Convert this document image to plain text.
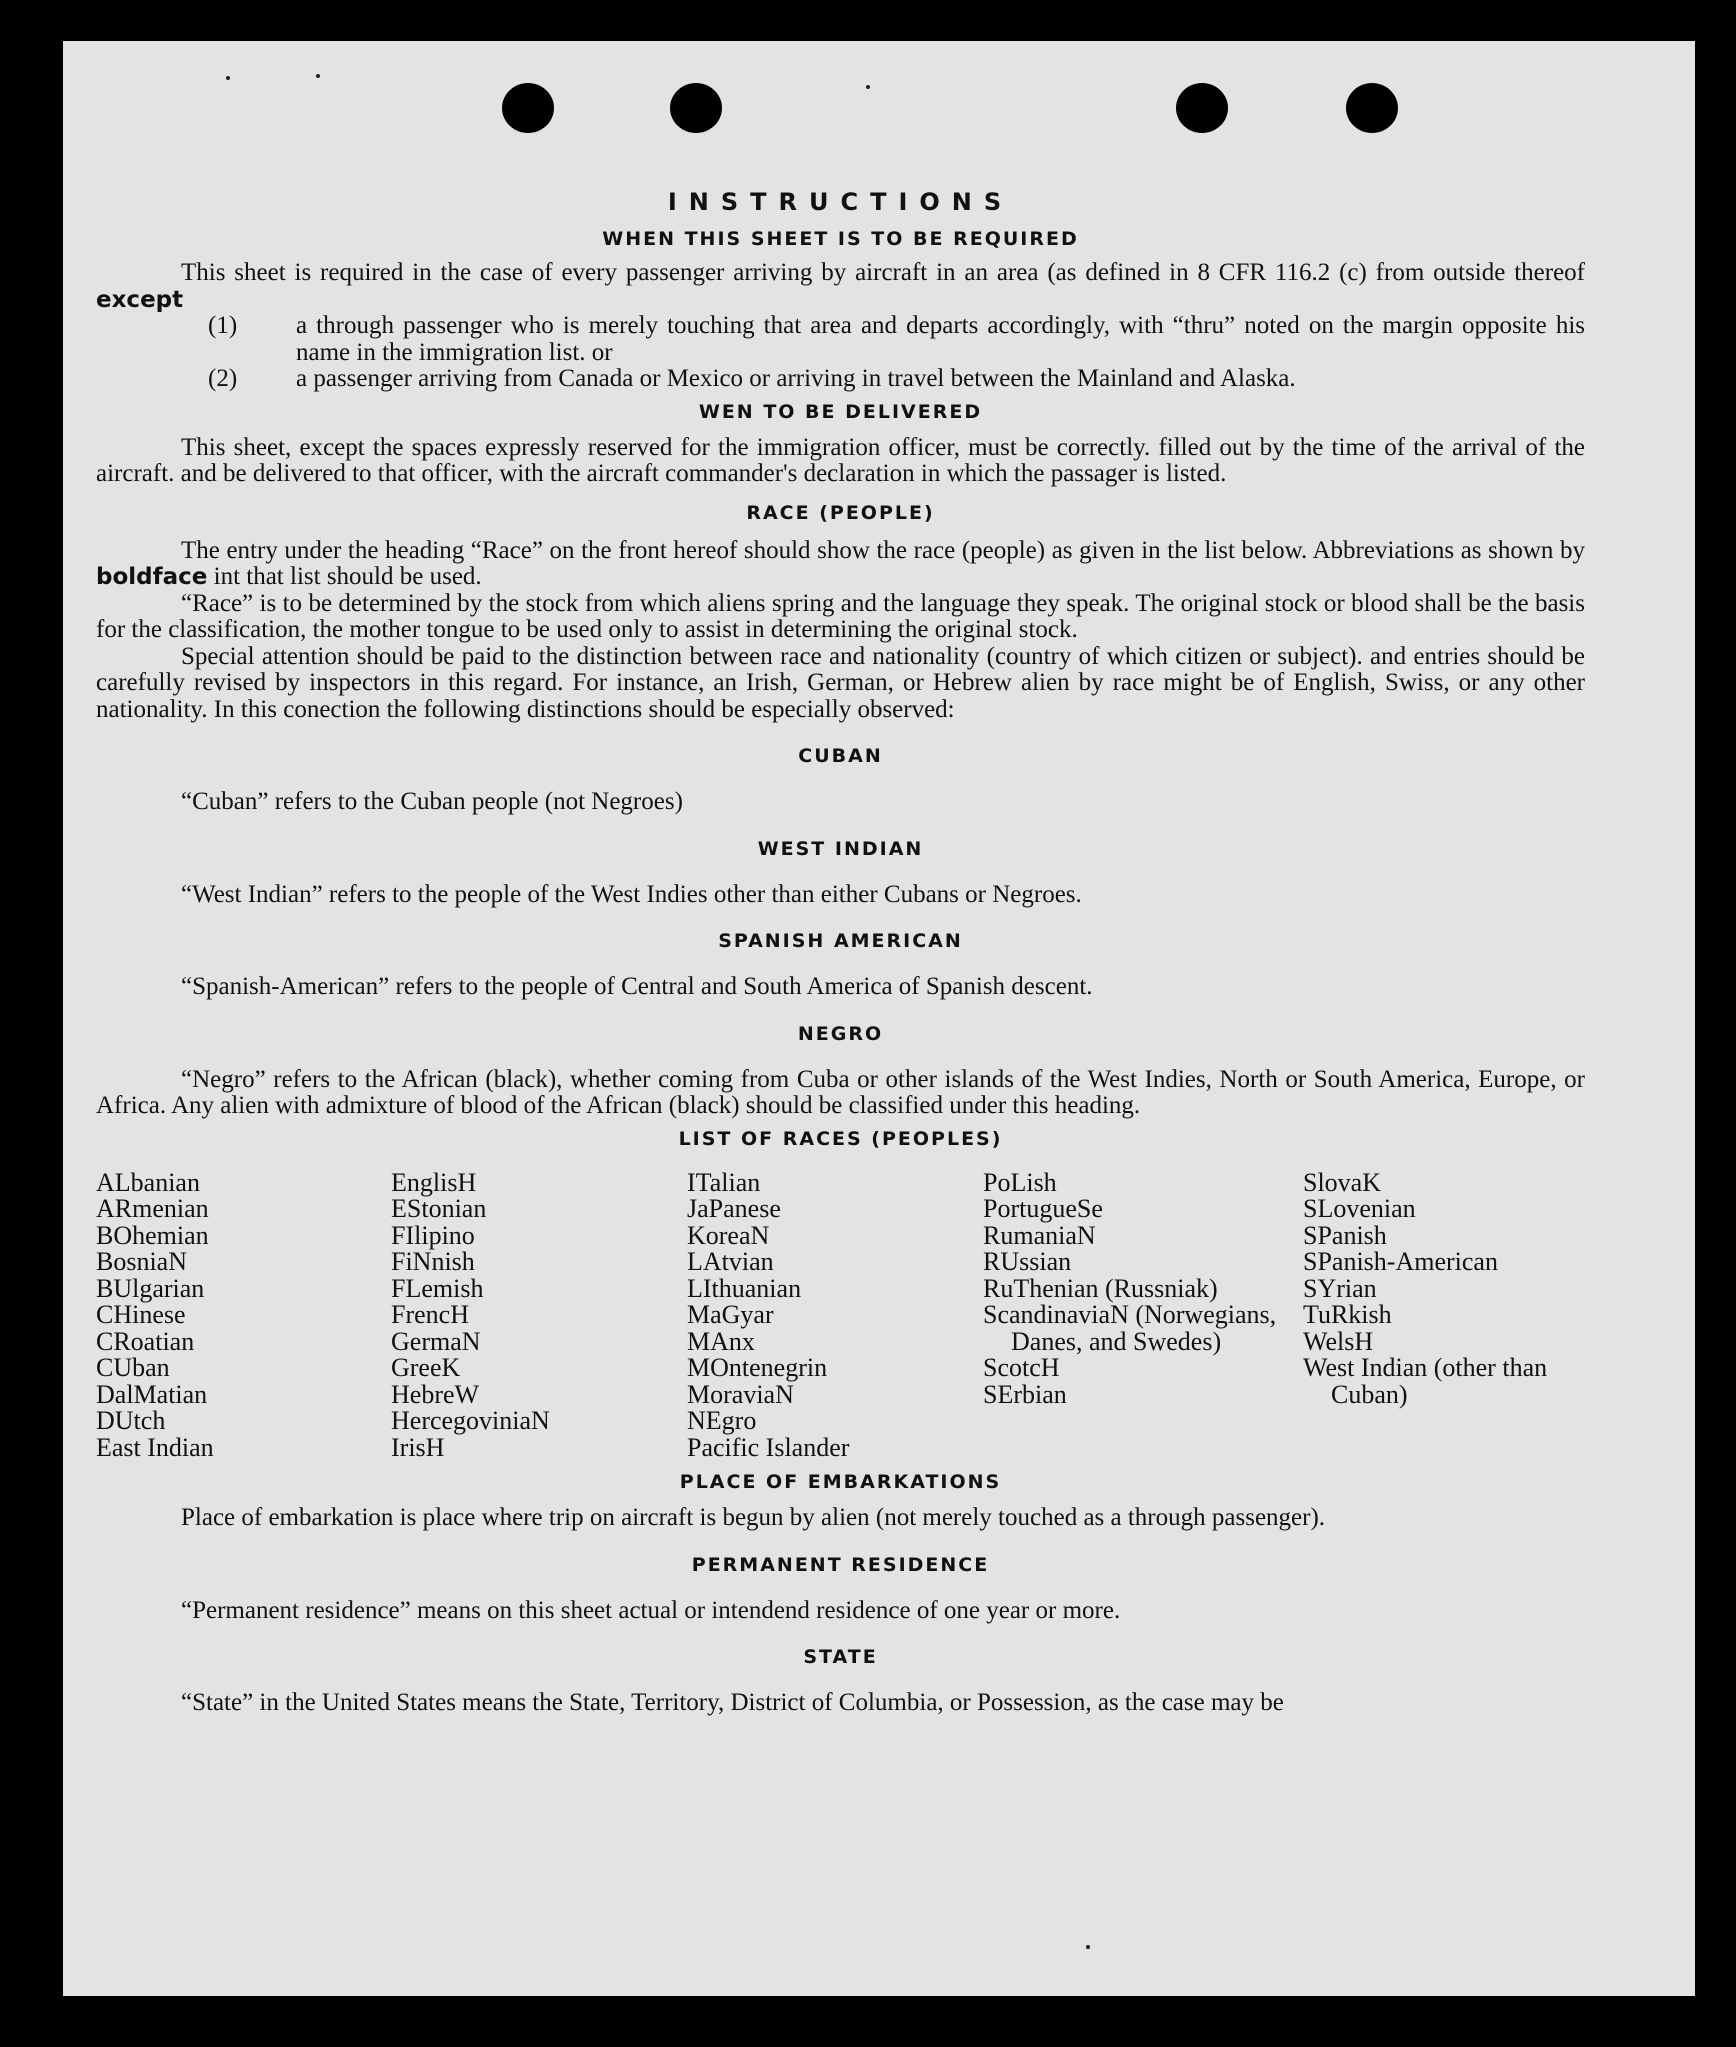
INSTRUCTIONS
WHEN THIS SHEET IS TO BE REQUIRED

This sheet is required in the case of every passenger arriving by aircraft in an area (as defined in 8 CFR 116.2 (c) from outside thereof except

(1) a through passenger who is merely touching that area and departs accordingly, with “thru” noted on the margin opposite his name in the immigration list. or
(2) a passenger arriving from Canada or Mexico or arriving in travel between the Mainland and Alaska.
WEN TO BE DELIVERED

This sheet, except the spaces expressly reserved for the immigration officer, must be correctly. filled out by the time of the arrival of the aircraft. and be delivered to that officer, with the aircraft commander's declaration in which the passager is listed.

RACE (PEOPLE)

The entry under the heading “Race” on the front hereof should show the race (people) as given in the list below. Abbreviations as shown by boldface int that list should be used.

“Race” is to be determined by the stock from which aliens spring and the language they speak. The original stock or blood shall be the basis for the classification, the mother tongue to be used only to assist in determining the original stock.

Special attention should be paid to the distinction between race and nationality (country of which citizen or subject). and entries should be carefully revised by inspectors in this regard. For instance, an Irish, German, or Hebrew alien by race might be of English, Swiss, or any other nationality. In this conection the following distinctions should be especially observed:

CUBAN

“Cuban” refers to the Cuban people (not Negroes)

WEST INDIAN

“West Indian” refers to the people of the West Indies other than either Cubans or Negroes.

SPANISH AMERICAN

“Spanish-American” refers to the people of Central and South America of Spanish descent.

NEGRO

“Negro” refers to the African (black), whether coming from Cuba or other islands of the West Indies, North or South America, Europe, or Africa. Any alien with admixture of blood of the African (black) should be classified under this heading.

LIST OF RACES (PEOPLES)
ALbanian
ARmenian
BOhemian
BosniaN
BUlgarian
CHinese
CRoatian
CUban
DalMatian
DUtch
East Indian
EnglisH
EStonian
FIlipino
FiNnish
FLemish
FrencH
GermaN
GreeK
HebreW
HercegoviniaN
IrisH
ITalian
JaPanese
KoreaN
LAtvian
LIthuanian
MaGyar
MAnx
MOntenegrin
MoraviaN
NEgro
Pacific Islander
PoLish
PortugueSe
RumaniaN
RUssian
RuThenian (Russniak)
ScandinaviaN (Norwegians, Danes, and Swedes)
ScotcH
SErbian
SlovaK
SLovenian
SPanish
SPanish-American
SYrian
TuRkish
WelsH
West Indian (other than Cuban)
PLACE OF EMBARKATIONS

Place of embarkation is place where trip on aircraft is begun by alien (not merely touched as a through passenger).

PERMANENT RESIDENCE

“Permanent residence” means on this sheet actual or intendend residence of one year or more.

STATE

“State” in the United States means the State, Territory, District of Columbia, or Possession, as the case may be
